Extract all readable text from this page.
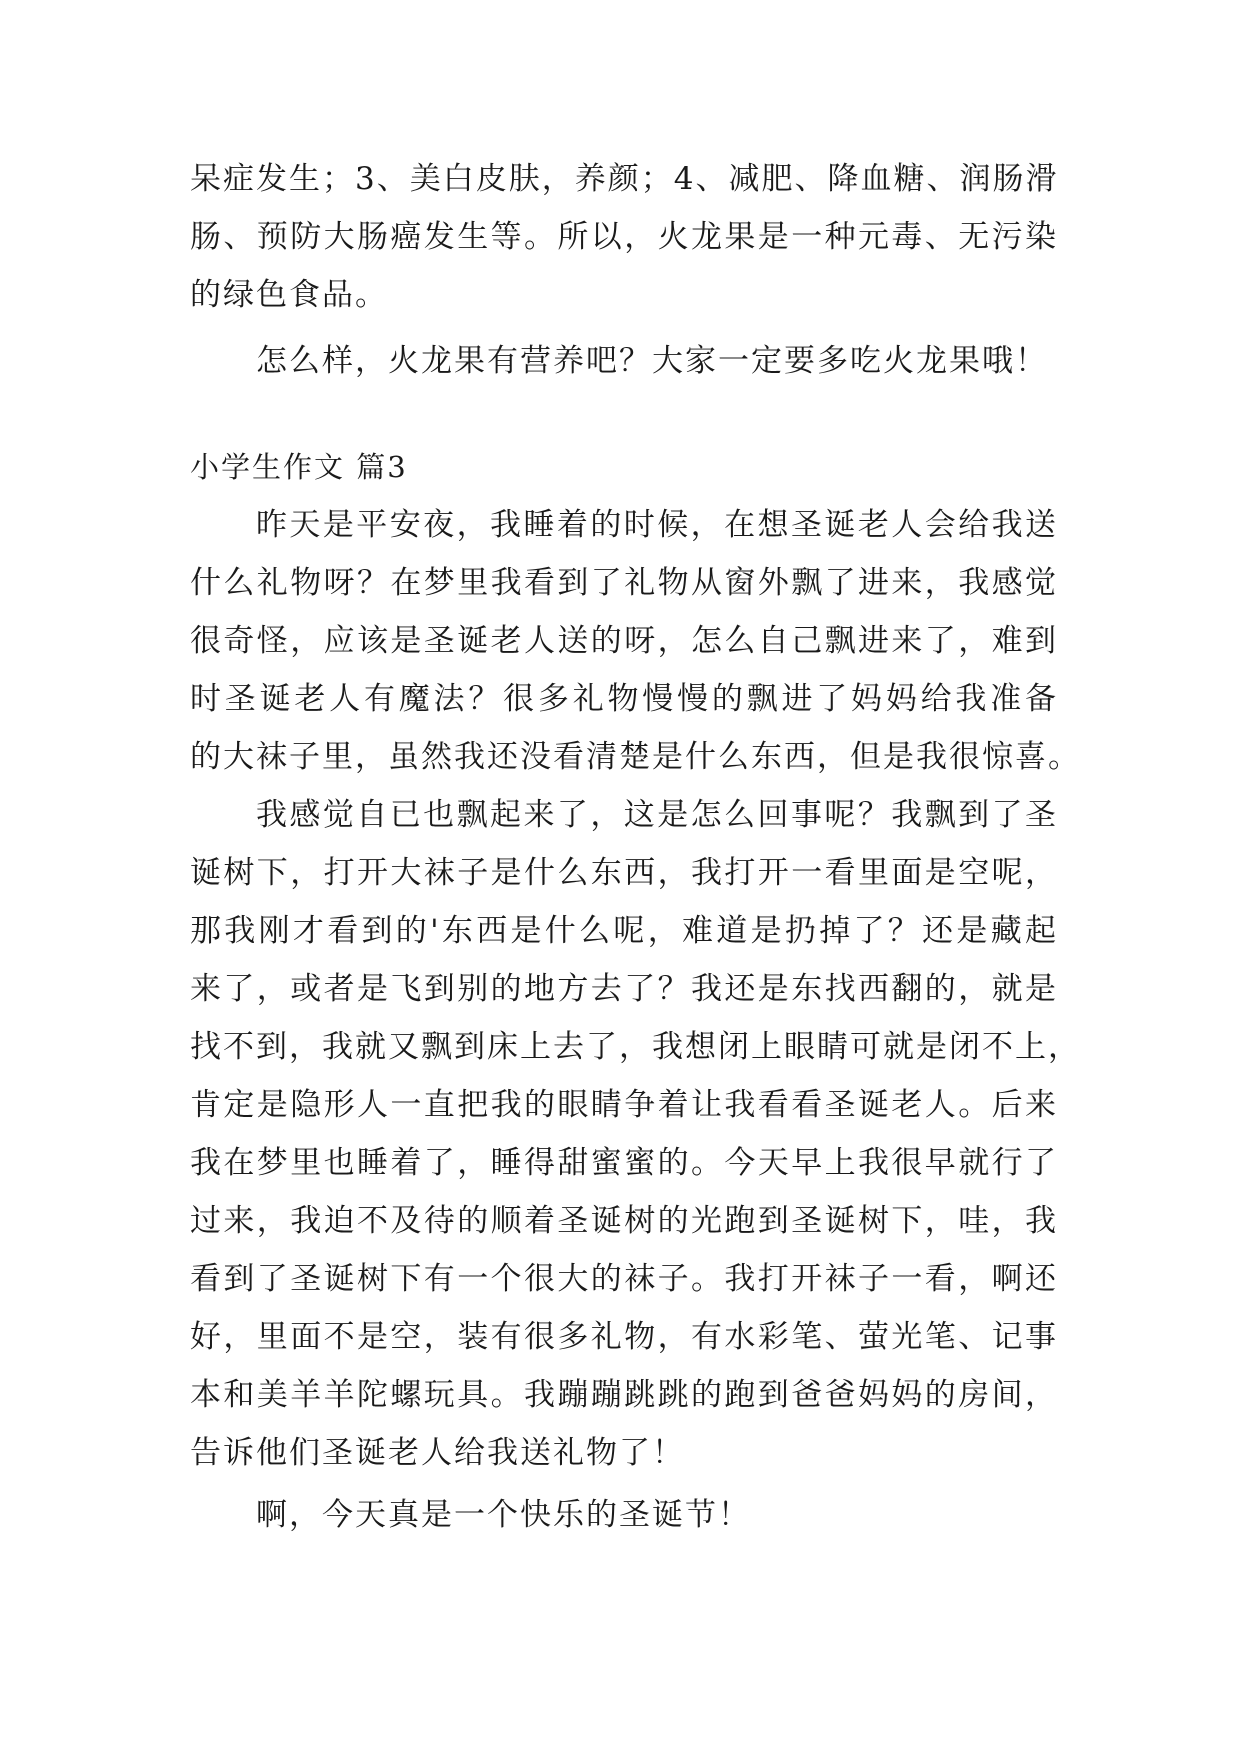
呆症发生；3、美白皮肤，养颜；4、减肥、降血糖、润肠滑
肠、预防大肠癌发生等。所以，火龙果是一种元毒、无污染
的绿色食品。
怎么样，火龙果有营养吧？大家一定要多吃火龙果哦！
小学生作文 篇3
昨天是平安夜，我睡着的时候，在想圣诞老人会给我送
什么礼物呀？在梦里我看到了礼物从窗外飘了进来，我感觉
很奇怪，应该是圣诞老人送的呀，怎么自己飘进来了，难到
时圣诞老人有魔法？很多礼物慢慢的飘进了妈妈给我准备
的大袜子里，虽然我还没看清楚是什么东西，但是我很惊喜。
我感觉自已也飘起来了，这是怎么回事呢？我飘到了圣
诞树下，打开大袜子是什么东西，我打开一看里面是空呢，
那我刚才看到的'东西是什么呢，难道是扔掉了？还是藏起
来了，或者是飞到别的地方去了？我还是东找西翻的，就是
找不到，我就又飘到床上去了，我想闭上眼睛可就是闭不上，
肯定是隐形人一直把我的眼睛争着让我看看圣诞老人。后来
我在梦里也睡着了，睡得甜蜜蜜的。今天早上我很早就行了
过来，我迫不及待的顺着圣诞树的光跑到圣诞树下，哇，我
看到了圣诞树下有一个很大的袜子。我打开袜子一看，啊还
好，里面不是空，装有很多礼物，有水彩笔、萤光笔、记事
本和美羊羊陀螺玩具。我蹦蹦跳跳的跑到爸爸妈妈的房间，
告诉他们圣诞老人给我送礼物了！
啊，今天真是一个快乐的圣诞节！
